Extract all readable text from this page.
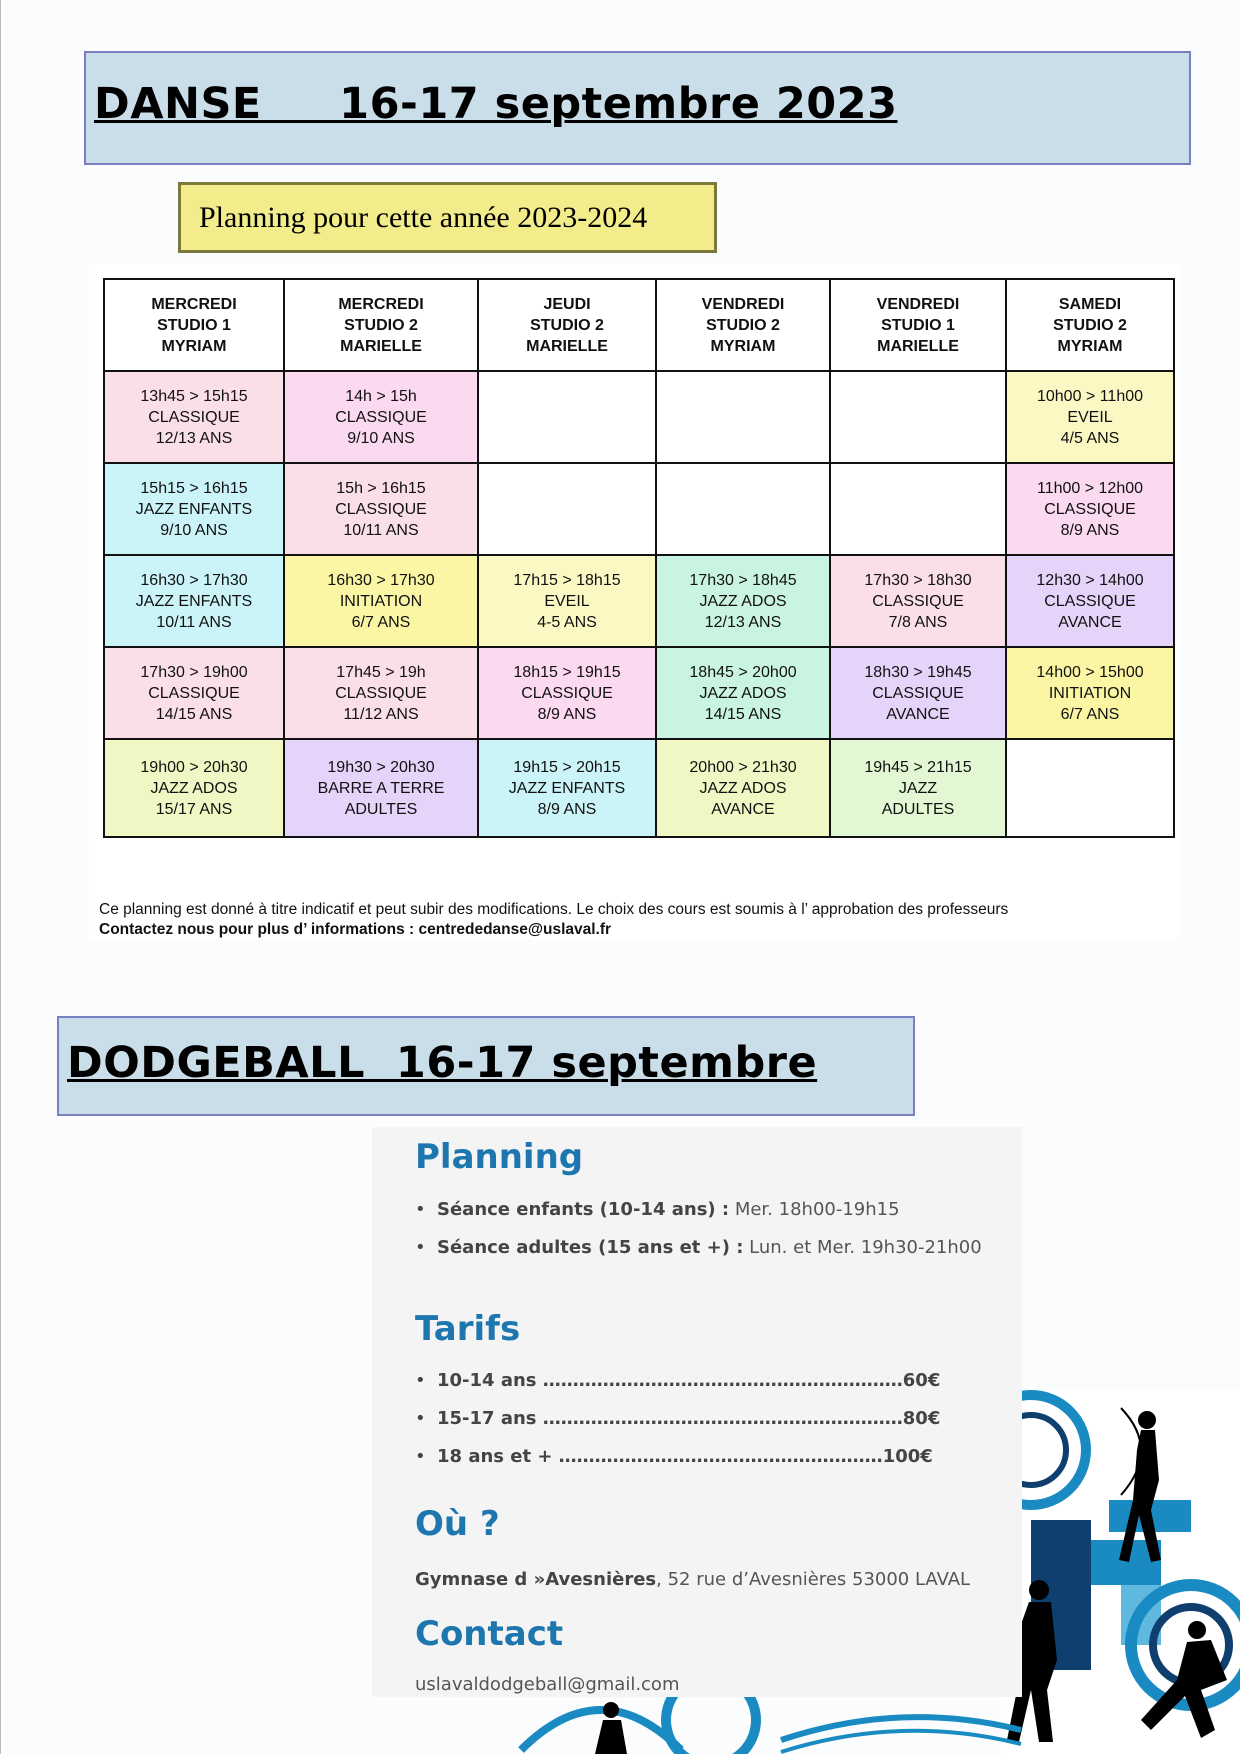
DANSE     16-17 septembre 2023
Planning pour cette année 2023-2024
MERCREDI
STUDIO 1
MYRIAM	MERCREDI
STUDIO 2
MARIELLE	JEUDI
STUDIO 2
MARIELLE	VENDREDI
STUDIO 2
MYRIAM	VENDREDI
STUDIO 1
MARIELLE	SAMEDI
STUDIO 2
MYRIAM

13h45 > 15h15
CLASSIQUE
12/13 ANS	14h > 15h
CLASSIQUE
9/10 ANS				10h00 > 11h00
EVEIL
4/5 ANS

15h15 > 16h15
JAZZ ENFANTS
9/10 ANS	15h > 16h15
CLASSIQUE
10/11 ANS				11h00 > 12h00
CLASSIQUE
8/9 ANS

16h30 > 17h30
JAZZ ENFANTS
10/11 ANS	16h30 > 17h30
INITIATION
6/7 ANS	17h15 > 18h15
EVEIL
4-5 ANS	17h30 > 18h45
JAZZ ADOS
12/13 ANS	17h30 > 18h30
CLASSIQUE
7/8 ANS	12h30 > 14h00
CLASSIQUE
AVANCE

17h30 > 19h00
CLASSIQUE
14/15 ANS	17h45 > 19h
CLASSIQUE
11/12 ANS	18h15 > 19h15
CLASSIQUE
8/9 ANS	18h45 > 20h00
JAZZ ADOS
14/15 ANS	18h30 > 19h45
CLASSIQUE
AVANCE	14h00 > 15h00
INITIATION
6/7 ANS

19h00 > 20h30
JAZZ ADOS
15/17 ANS	19h30 > 20h30
BARRE A TERRE
ADULTES	19h15 > 20h15
JAZZ ENFANTS
8/9 ANS	20h00 > 21h30
JAZZ ADOS
AVANCE	19h45 > 21h15
JAZZ
ADULTES	

Ce planning est donné à titre indicatif et peut subir des modifications. Le choix des cours est soumis à l’ approbation des professeurs
Contactez nous pour plus d’ informations : centrededanse@uslaval.fr
DODGEBALL  16-17 septembre
Planning
• Séance enfants (10-14 ans) : Mer. 18h00-19h15
• Séance adultes (15 ans et +) : Lun. et Mer. 19h30-21h00
Tarifs
• 10-14 ans ……………………………………………………60€
• 15-17 ans ……………………………………………………80€
• 18 ans et + ………………………………………………100€
Où ?
Gymnase d »Avesnières, 52 rue d’Avesnières 53000 LAVAL
Contact
uslavaldodgeball@gmail.com
